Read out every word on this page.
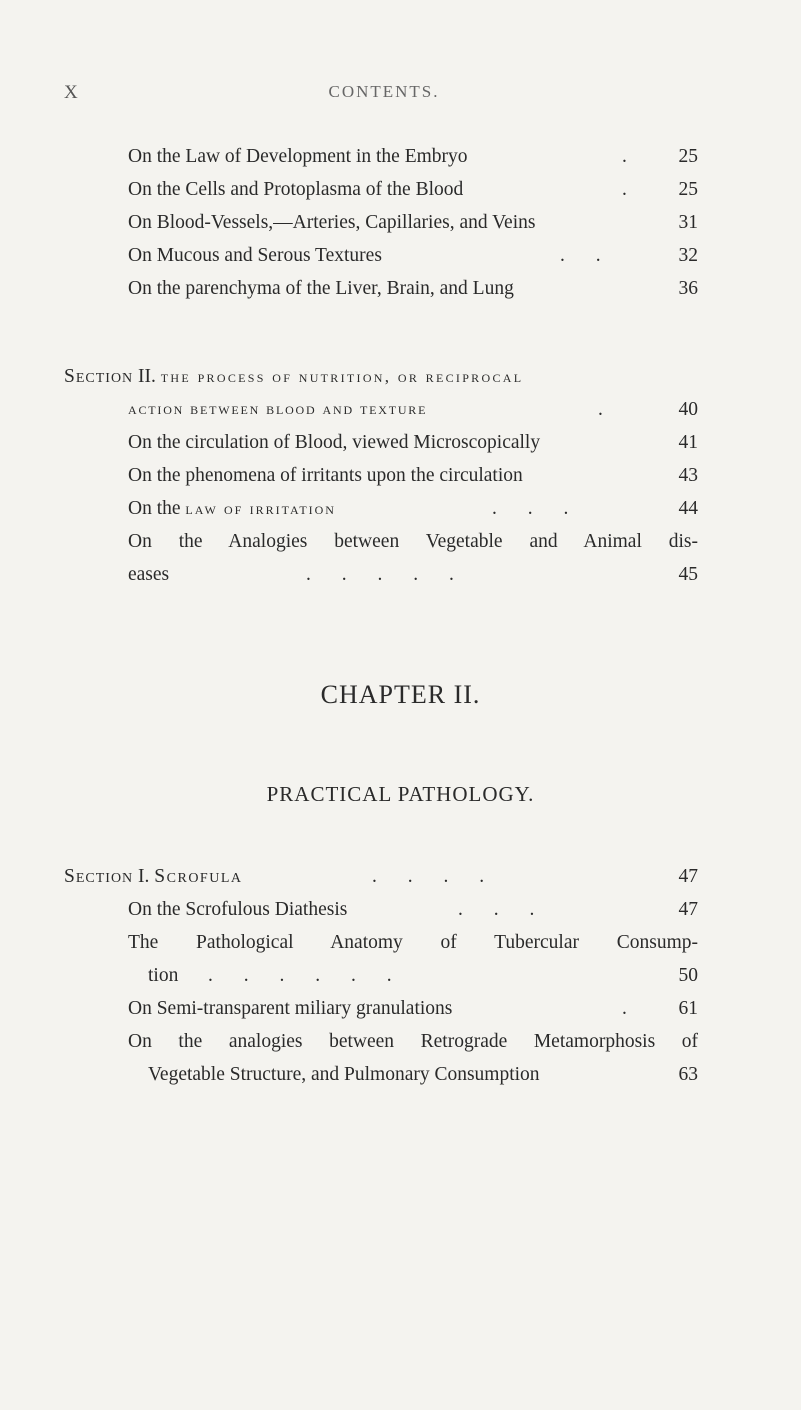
X	CONTENTS.
On the Law of Development in the Embryo	.	25
On the Cells and Protoplasma of the Blood	.	25
On Blood-Vessels,—Arteries, Capillaries, and Veins	31
On Mucous and Serous Textures	. .	32
On the parenchyma of the Liver, Brain, and Lung	36
Section II. the process of nutrition, or reciprocal
action between blood and texture	.	40
On the circulation of Blood, viewed Microscopically	41
On the phenomena of irritants upon the circulation	43
On the law of irritation	. . .	44
On the Analogies between Vegetable and Animal dis-
eases	. . . . .	45
CHAPTER II.
PRACTICAL PATHOLOGY.
Section I. Scrofula	. . . .	47
On the Scrofulous Diathesis	. . .	47
The Pathological Anatomy of Tubercular Consump-
tion . . . . . .	50
On Semi-transparent miliary granulations	.	61
On the analogies between Retrograde Metamorphosis of
Vegetable Structure, and Pulmonary Consumption	63
